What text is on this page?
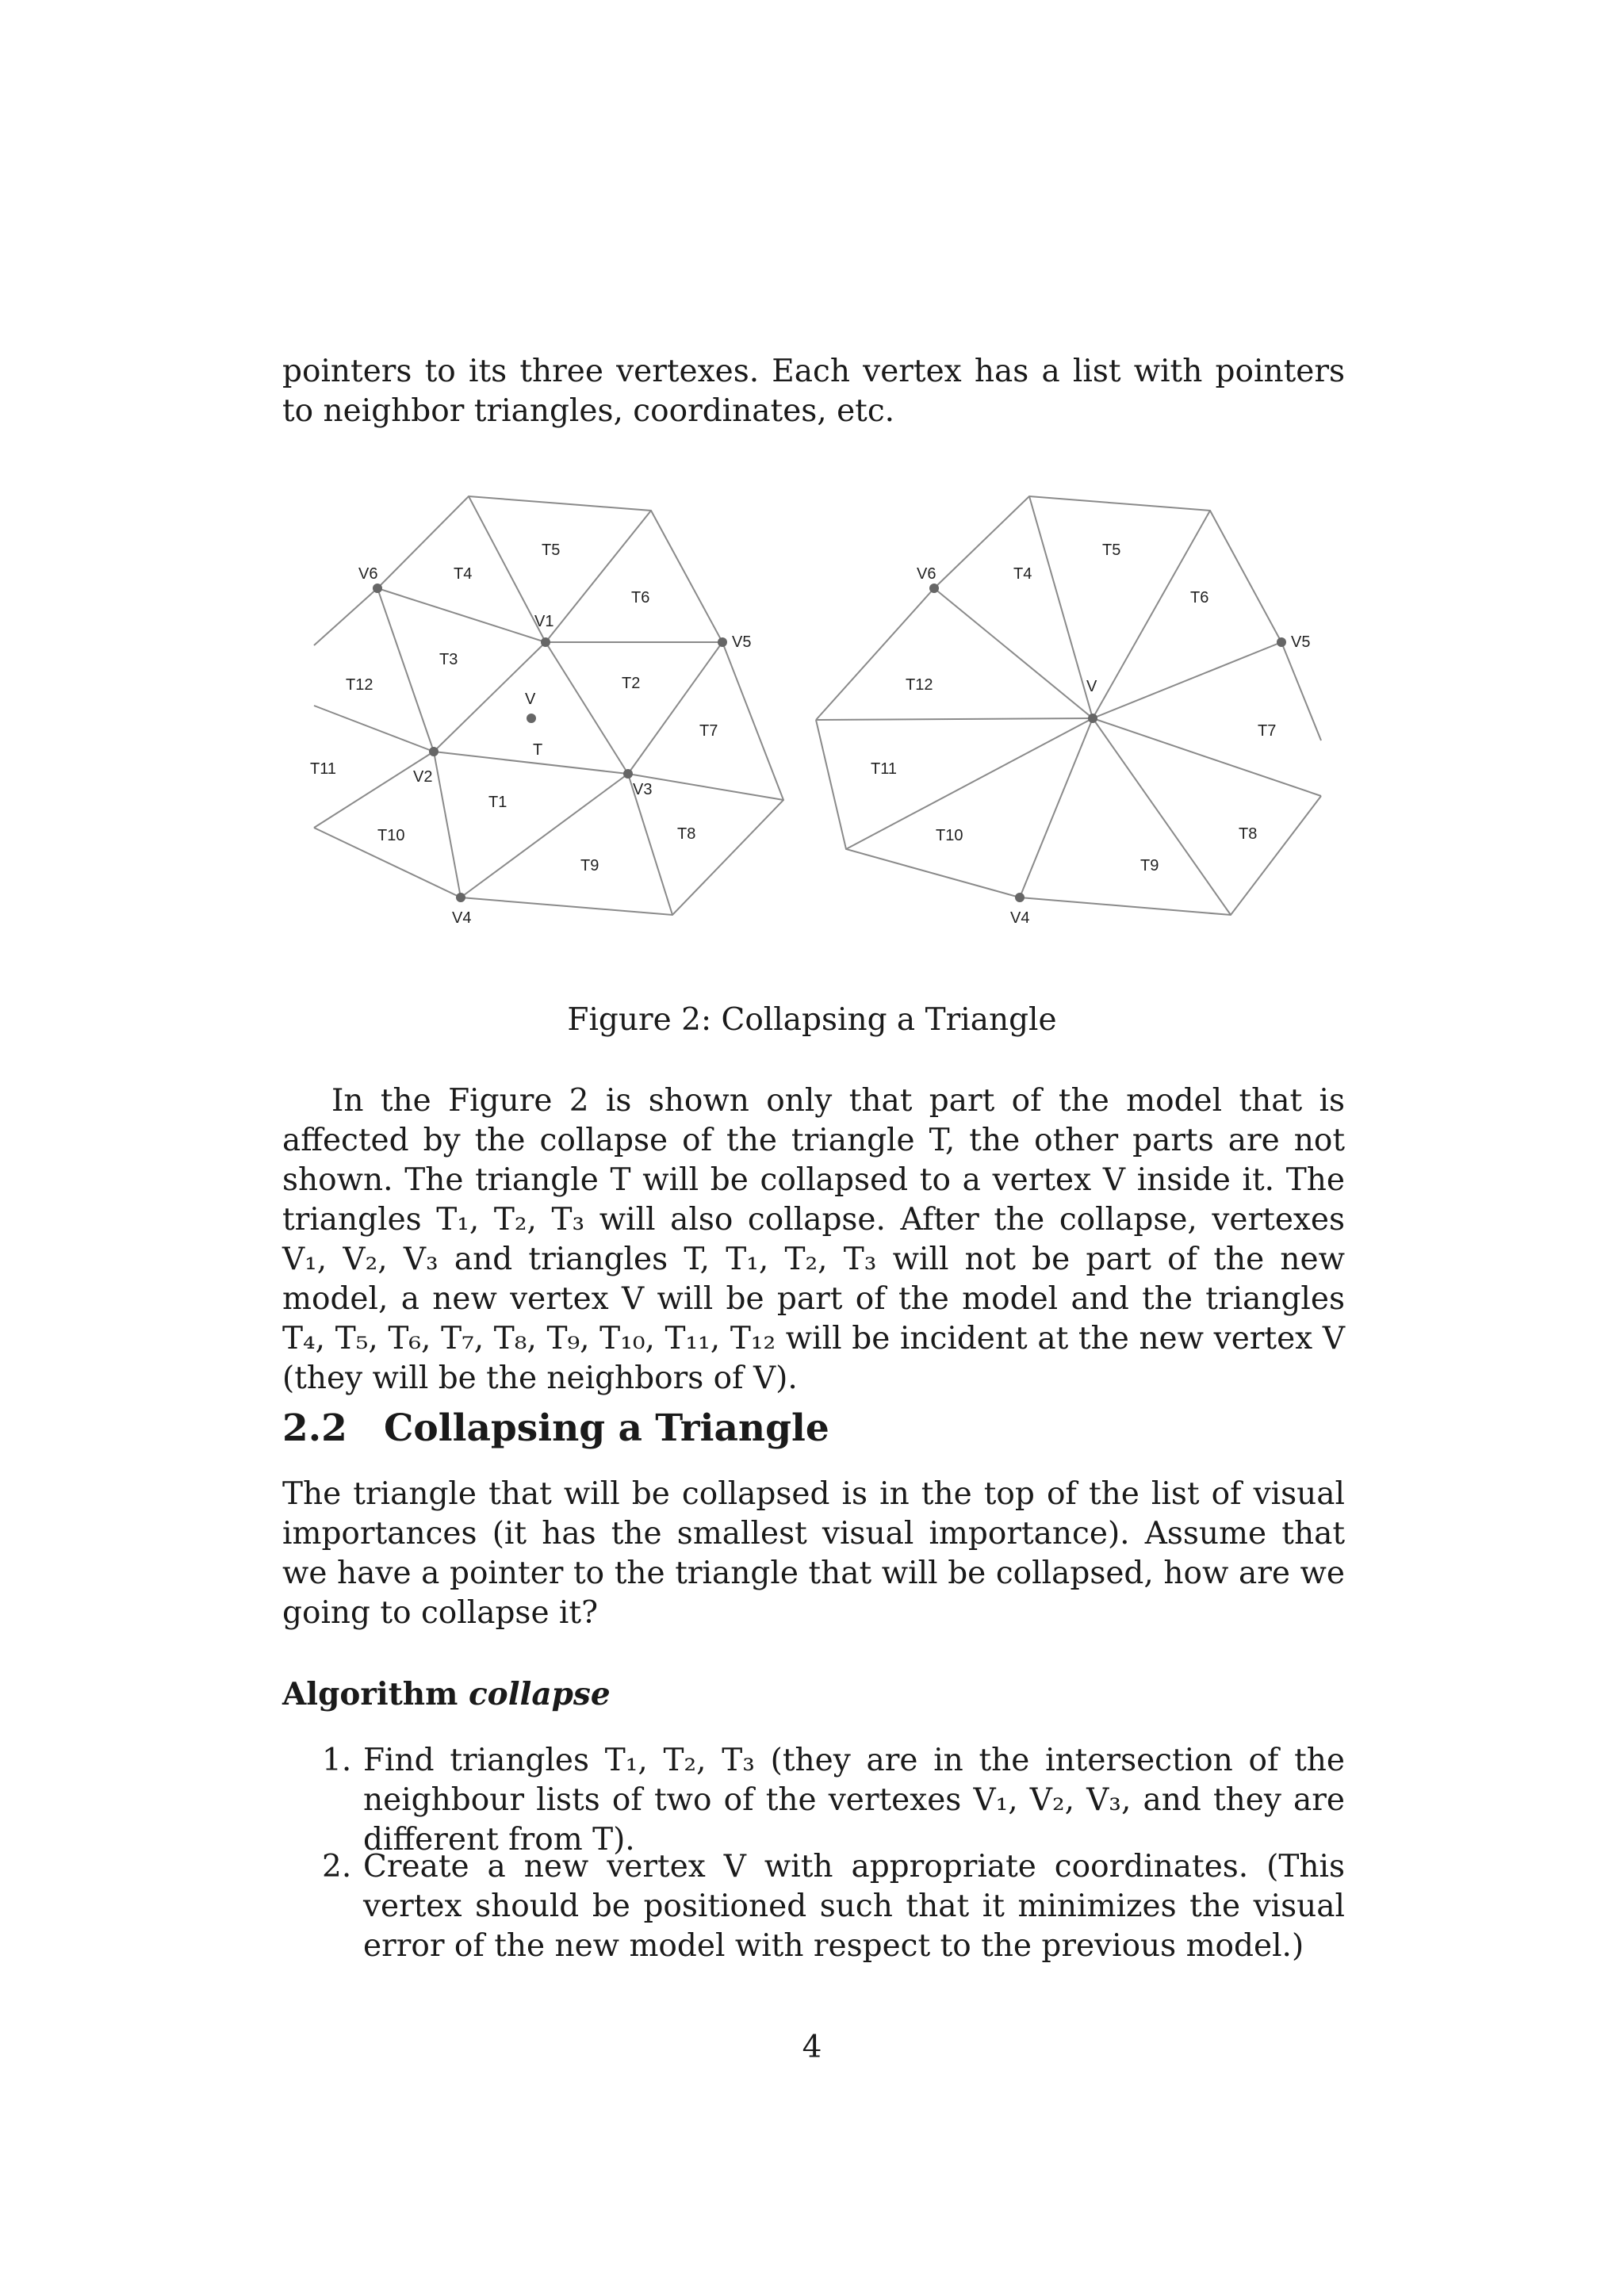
pointers to its three vertexes. Each vertex has a list with pointers to neighbor triangles, coordinates, etc.
T5
T4
T6
T3
T12	T2
T
T7
T11
T1
T10	T8
T9
V6
V1
V5
V
V2
V3
V4
T5
T4
T6
T12
T7
T11
T10	T8
T9
V6
V5
V
V4
Figure 2: Collapsing a Triangle
In the Figure 2 is shown only that part of the model that is affected by the collapse of the triangle T, the other parts are not shown. The triangle T will be collapsed to a vertex V inside it. The triangles T₁, T₂, T₃ will also collapse. After the collapse, vertexes V₁, V₂, V₃ and triangles T, T₁, T₂, T₃ will not be part of the new model, a new vertex V will be part of the model and the triangles T₄, T₅, T₆, T₇, T₈, T₉, T₁₀, T₁₁, T₁₂ will be incident at the new vertex V (they will be the neighbors of V).
2.2 Collapsing a Triangle
The triangle that will be collapsed is in the top of the list of visual importances (it has the smallest visual importance). Assume that we have a pointer to the triangle that will be collapsed, how are we going to collapse it?
Algorithm collapse
1. Find triangles T₁, T₂, T₃ (they are in the intersection of the neighbour lists of two of the vertexes V₁, V₂, V₃, and they are different from T).
2. Create a new vertex V with appropriate coordinates. (This vertex should be positioned such that it minimizes the visual error of the new model with respect to the previous model.)
4
